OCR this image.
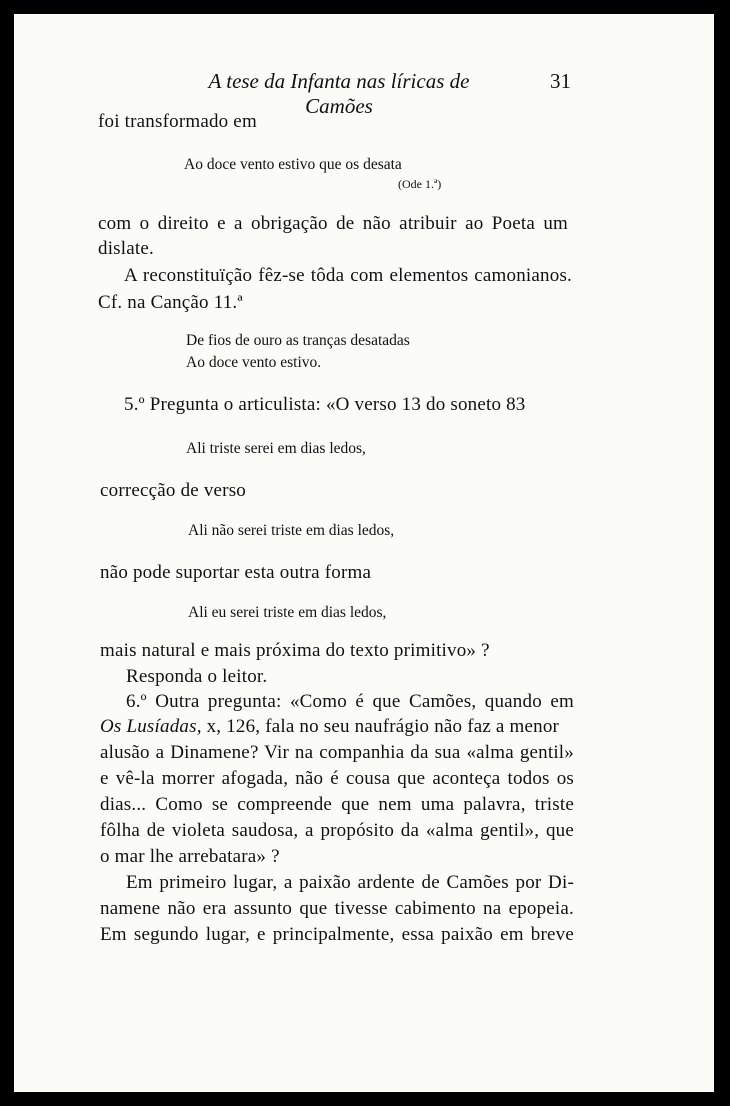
A tese da Infanta nas líricas de Camões
31
foi transformado em
Ao doce vento estivo que os desata
(Ode 1.ª)
com o direito e a obrigação de não atribuir ao Poeta um
dislate.
A reconstituïção fêz-se tôda com elementos camonianos.
Cf. na Canção 11.ª
De fios de ouro as tranças desatadas
Ao doce vento estivo.
5.º Pregunta o articulista: «O verso 13 do soneto 83
Ali triste serei em dias ledos,
correcção de verso
Ali não serei triste em dias ledos,
não pode suportar esta outra forma
Ali eu serei triste em dias ledos,
mais natural e mais próxima do texto primitivo» ?
Responda o leitor.
6.º Outra pregunta: «Como é que Camões, quando em
Os Lusíadas, x, 126, fala no seu naufrágio não faz a menor
alusão a Dinamene? Vir na companhia da sua «alma gentil»
e vê-la morrer afogada, não é cousa que aconteça todos os
dias... Como se compreende que nem uma palavra, triste
fôlha de violeta saudosa, a propósito da «alma gentil», que
o mar lhe arrebatara» ?
Em primeiro lugar, a paixão ardente de Camões por Di-
namene não era assunto que tivesse cabimento na epopeia.
Em segundo lugar, e principalmente, essa paixão em breve
